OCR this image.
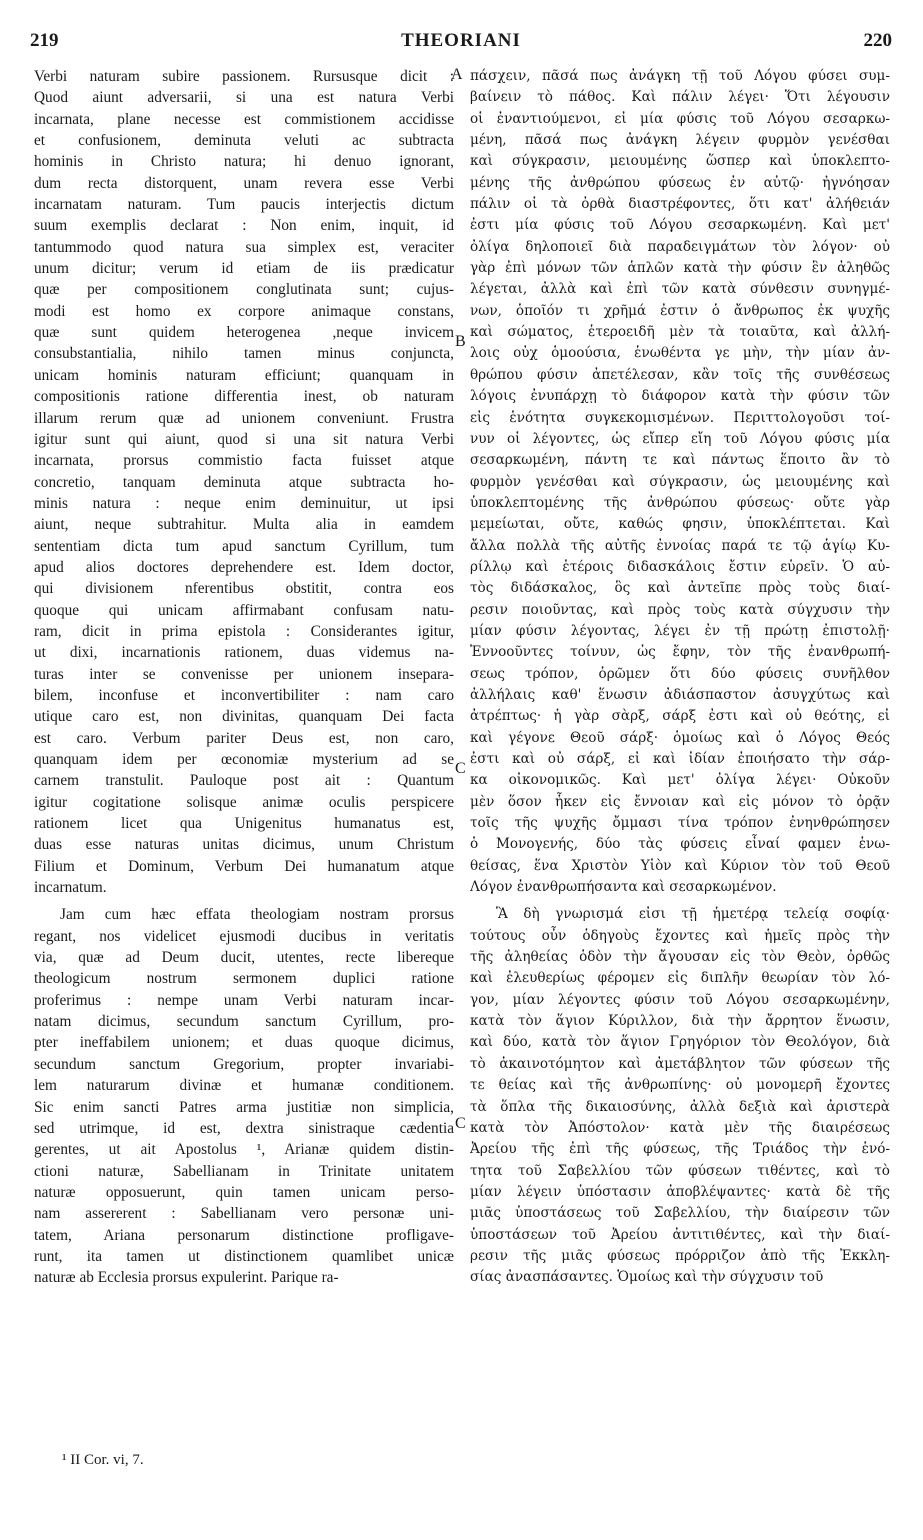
219	THEORIANI	220
Verbi naturam subire passionem. Rursusque dicit :
Quod aiunt adversarii, si una est natura Verbi
incarnata, plane necesse est commistionem accidisse
et confusionem, deminuta veluti ac subtracta
hominis in Christo natura; hi denuo ignorant,
dum recta distorquent, unam revera esse Verbi
incarnatam naturam. Tum paucis interjectis dictum
suum exemplis declarat : Non enim, inquit, id
tantummodo quod natura sua simplex est, veraciter
unum dicitur; verum id etiam de iis prædicatur
quæ per compositionem conglutinata sunt; cujus-
modi est homo ex corpore animaque constans,
quæ sunt quidem heterogenea ,neque invicem
consubstantialia, nihilo tamen minus conjuncta,
unicam hominis naturam efficiunt; quanquam in
compositionis ratione differentia inest, ob naturam
illarum rerum quæ ad unionem conveniunt. Frustra
igitur sunt qui aiunt, quod si una sit natura Verbi
incarnata, prorsus commistio facta fuisset atque
concretio, tanquam deminuta atque subtracta ho-
minis natura : neque enim deminuitur, ut ipsi
aiunt, neque subtrahitur. Multa alia in eamdem
sententiam dicta tum apud sanctum Cyrillum, tum
apud alios doctores deprehendere est. Idem doctor,
qui divisionem nferentibus obstitit, contra eos
quoque qui unicam affirmabant confusam natu-
ram, dicit in prima epistola : Considerantes igitur,
ut dixi, incarnationis rationem, duas videmus na-
turas inter se convenisse per unionem insepara-
bilem, inconfuse et inconvertibiliter : nam caro
utique caro est, non divinitas, quanquam Dei facta
est caro. Verbum pariter Deus est, non caro,
quanquam idem per œconomiæ mysterium ad se
carnem transtulit. Pauloque post ait : Quantum
igitur cogitatione solisque animæ oculis perspicere
rationem licet qua Unigenitus humanatus est,
duas esse naturas unitas dicimus, unum Christum
Filium et Dominum, Verbum Dei humanatum atque
incarnatum.
Jam cum hæc effata theologiam nostram prorsus
regant, nos videlicet ejusmodi ducibus in veritatis
via, quæ ad Deum ducit, utentes, recte libereque
theologicum nostrum sermonem duplici ratione
proferimus : nempe unam Verbi naturam incar-
natam dicimus, secundum sanctum Cyrillum, pro-
pter ineffabilem unionem; et duas quoque dicimus,
secundum sanctum Gregorium, propter invariabi-
lem naturarum divinæ et humanæ conditionem.
Sic enim sancti Patres arma justitiæ non simplicia,
sed utrimque, id est, dextra sinistraque cædentia
gerentes, ut ait Apostolus ¹, Arianæ quidem distin-
ctioni naturæ, Sabellianam in Trinitate unitatem
naturæ opposuerunt, quin tamen unicam perso-
nam assererent : Sabellianam vero personæ uni-
tatem, Ariana personarum distinctione profligave-
runt, ita tamen ut distinctionem quamlibet unicæ
naturæ ab Ecclesia prorsus expulerint. Parique ra-
πάσχειν, πᾶσά πως ἀνάγκη τῇ τοῦ Λόγου φύσει συμ-
βαίνειν τὸ πάθος. Καὶ πάλιν λέγει· Ὅτι λέγουσιν
οἱ ἐναντιούμενοι, εἰ μία φύσις τοῦ Λόγου σεσαρκω-
μένη, πᾶσά πως ἀνάγκη λέγειν φυρμὸν γενέσθαι
καὶ σύγκρασιν, μειουμένης ὥσπερ καὶ ὑποκλεπτο-
μένης τῆς ἀνθρώπου φύσεως ἐν αὐτῷ· ἠγνόησαν
πάλιν οἱ τὰ ὀρθὰ διαστρέφοντες, ὅτι κατ' ἀλήθειάν
ἐστι μία φύσις τοῦ Λόγου σεσαρκωμένη. Καὶ μετ'
ὀλίγα δηλοποιεῖ διὰ παραδειγμάτων τὸν λόγον· οὐ
γὰρ ἐπὶ μόνων τῶν ἁπλῶν κατὰ τὴν φύσιν ἓν ἀληθῶς
λέγεται, ἀλλὰ καὶ ἐπὶ τῶν κατὰ σύνθεσιν συνηγμέ-
νων, ὁποῖόν τι χρῆμά ἐστιν ὁ ἄνθρωπος ἐκ ψυχῆς
καὶ σώματος, ἑτεροειδῆ μὲν τὰ τοιαῦτα, καὶ ἀλλή-
λοις οὐχ ὁμοούσια, ἑνωθέντα γε μὴν, τὴν μίαν ἀν-
θρώπου φύσιν ἀπετέλεσαν, κἂν τοῖς τῆς συνθέσεως
λόγοις ἐνυπάρχῃ τὸ διάφορον κατὰ τὴν φύσιν τῶν
εἰς ἑνότητα συγκεκομισμένων. Περιττολογοῦσι τοί-
νυν οἱ λέγοντες, ὡς εἴπερ εἴη τοῦ Λόγου φύσις μία
σεσαρκωμένη, πάντη τε καὶ πάντως ἕποιτο ἂν τὸ
φυρμὸν γενέσθαι καὶ σύγκρασιν, ὡς μειουμένης καὶ
ὑποκλεπτομένης τῆς ἀνθρώπου φύσεως· οὔτε γὰρ
μεμείωται, οὔτε, καθώς φησιν, ὑποκλέπτεται. Καὶ
ἄλλα πολλὰ τῆς αὐτῆς ἐννοίας παρά τε τῷ ἁγίῳ Κυ-
ρίλλῳ καὶ ἑτέροις διδασκάλοις ἔστιν εὑρεῖν. Ὁ αὐ-
τὸς διδάσκαλος, ὃς καὶ ἀντεῖπε πρὸς τοὺς διαί-
ρεσιν ποιοῦντας, καὶ πρὸς τοὺς κατὰ σύγχυσιν τὴν
μίαν φύσιν λέγοντας, λέγει ἐν τῇ πρώτῃ ἐπιστολῇ·
Ἐννοοῦντες τοίνυν, ὡς ἔφην, τὸν τῆς ἐνανθρωπή-
σεως τρόπον, ὁρῶμεν ὅτι δύο φύσεις συνῆλθον
ἀλλήλαις καθ' ἕνωσιν ἀδιάσπαστον ἀσυγχύτως καὶ
ἀτρέπτως· ἡ γὰρ σὰρξ, σάρξ ἐστι καὶ οὐ θεότης, εἰ
καὶ γέγονε Θεοῦ σάρξ· ὁμοίως καὶ ὁ Λόγος Θεός
ἐστι καὶ οὐ σάρξ, εἰ καὶ ἰδίαν ἐποιήσατο τὴν σάρ-
κα οἰκονομικῶς. Καὶ μετ' ὀλίγα λέγει· Οὐκοῦν
μὲν ὅσον ἧκεν εἰς ἔννοιαν καὶ εἰς μόνον τὸ ὁρᾷν
τοῖς τῆς ψυχῆς ὄμμασι τίνα τρόπον ἐνηνθρώπησεν
ὁ Μονογενής, δύο τὰς φύσεις εἶναί φαμεν ἑνω-
θείσας, ἕνα Χριστὸν Υἱὸν καὶ Κύριον τὸν τοῦ Θεοῦ
Λόγον ἐνανθρωπήσαντα καὶ σεσαρκωμένον.
Ἃ δὴ γνωρισμά εἰσι τῇ ἡμετέρᾳ τελείᾳ σοφίᾳ·
τούτους οὖν ὁδηγοὺς ἔχοντες καὶ ἡμεῖς πρὸς τὴν
τῆς ἀληθείας ὁδὸν τὴν ἄγουσαν εἰς τὸν Θεὸν, ὀρθῶς
καὶ ἐλευθερίως φέρομεν εἰς διπλῆν θεωρίαν τὸν λό-
γον, μίαν λέγοντες φύσιν τοῦ Λόγου σεσαρκωμένην,
κατὰ τὸν ἅγιον Κύριλλον, διὰ τὴν ἄρρητον ἕνωσιν,
καὶ δύο, κατὰ τὸν ἅγιον Γρηγόριον τὸν Θεολόγον, διὰ
τὸ ἀκαινοτόμητον καὶ ἀμετάβλητον τῶν φύσεων τῆς
τε θείας καὶ τῆς ἀνθρωπίνης· οὐ μονομερῆ ἔχοντες
τὰ ὅπλα τῆς δικαιοσύνης, ἀλλὰ δεξιὰ καὶ ἀριστερὰ
κατὰ τὸν Ἀπόστολον· κατὰ μὲν τῆς διαιρέσεως
Ἀρείου τῆς ἐπὶ τῆς φύσεως, τῆς Τριάδος τὴν ἑνό-
τητα τοῦ Σαβελλίου τῶν φύσεων τιθέντες, καὶ τὸ
μίαν λέγειν ὑπόστασιν ἀποβλέψαντες· κατὰ δὲ τῆς
μιᾶς ὑποστάσεως τοῦ Σαβελλίου, τὴν διαίρεσιν τῶν
ὑποστάσεων τοῦ Ἀρείου ἀντιτιθέντες, καὶ τὴν διαί-
ρεσιν τῆς μιᾶς φύσεως πρόρριζον ἀπὸ τῆς Ἐκκλη-
σίας ἀνασπάσαντες. Ὁμοίως καὶ τὴν σύγχυσιν τοῦ
A
B
C
C
¹ II Cor. vi, 7.
